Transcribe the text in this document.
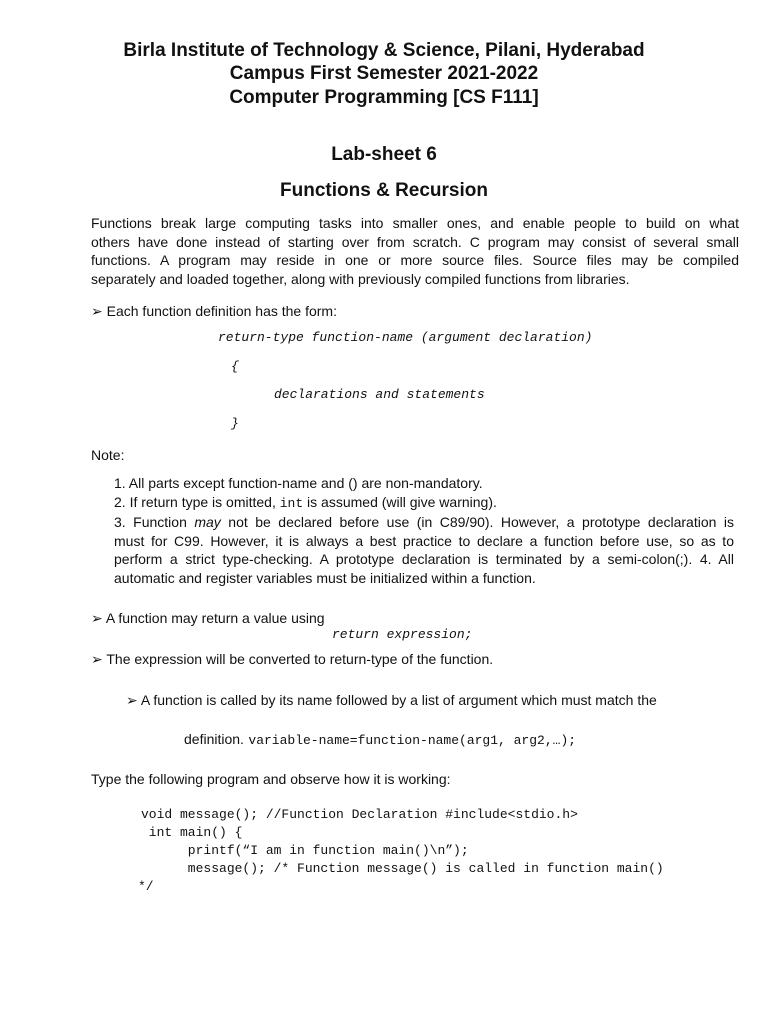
Birla Institute of Technology & Science, Pilani, Hyderabad
Campus First Semester 2021-2022
Computer Programming [CS F111]
Lab-sheet 6
Functions & Recursion
Functions break large computing tasks into smaller ones, and enable people to build on what
others have done instead of starting over from scratch. C program may consist of several small
functions. A program may reside in one or more source files. Source files may be compiled
separately and loaded together, along with previously compiled functions from libraries.
➢ Each function definition has the form:
return-type function-name (argument declaration)
{
declarations and statements
}
Note:
1. All parts except function-name and () are non-mandatory.
2. If return type is omitted, int is assumed (will give warning).
3. Function may not be declared before use (in C89/90). However, a prototype declaration is
must for C99. However, it is always a best practice to declare a function before use, so as to
perform a strict type-checking. A prototype declaration is terminated by a semi-colon(;). 4. All
automatic and register variables must be initialized within a function.
➢ A function may return a value using
return expression;
➢ The expression will be converted to return-type of the function.
➢ A function is called by its name followed by a list of argument which must match the
definition. variable-name=function-name(arg1, arg2,…);
Type the following program and observe how it is working:
void message(); //Function Declaration #include<stdio.h>
int main() {
printf(“I am in function main()\n”);
message(); /* Function message() is called in function main()
*/
